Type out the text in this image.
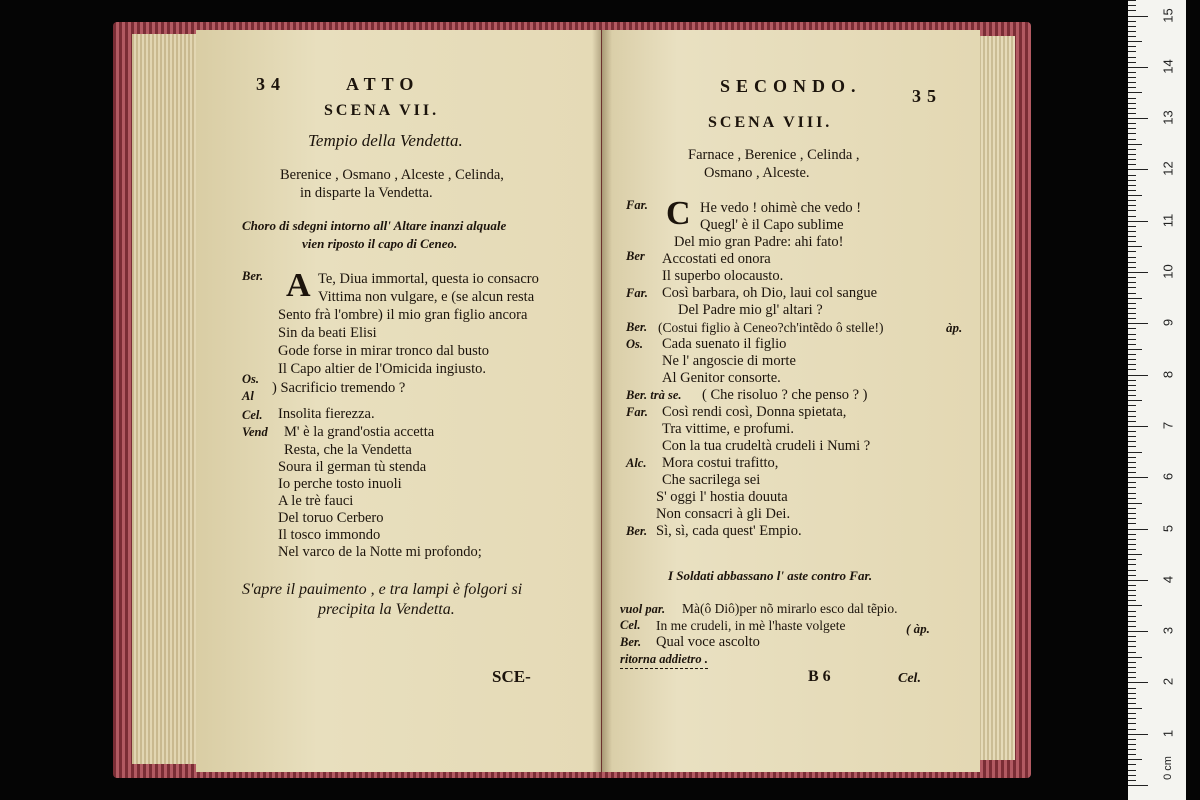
34	ATTO
SCENA VII.
Tempio della Vendetta.
Berenice , Osmano , Alceste , Celinda,
in disparte la Vendetta.
Choro di sdegni intorno all' Altare inanzi alquale
vien riposto il capo di Ceneo.
Ber. A Te, Diua immortal, questa io consacro
Vittima non vulgare, e (se alcun resta
Sento frà l'ombre) il mio gran figlio ancora
Sin da beati Elisi
Gode forse in mirar tronco dal busto
Il Capo altier de l'Omicida ingiusto.
Os.
Al ) Sacrificio tremendo ?
Cel. Insolita fierezza.
Vend M' è la grand'ostia accetta
Resta, che la Vendetta
Soura il german tù stenda
Io perche tosto inuoli
A le trè fauci
Del toruo Cerbero
Il tosco immondo
Nel varco de la Notte mi profondo;
S'apre il pauimento , e tra lampi è folgori si
precipita la Vendetta.
SCE-
SECONDO.	35
SCENA VIII.
Farnace , Berenice , Celinda ,
Osmano , Alceste.
Far. C He vedo ! ohimè che vedo !
Quegl' è il Capo sublime
Del mio gran Padre: ahi fato!
Ber Accostati ed onora
Il superbo olocausto.
Far. Così barbara, oh Dio, laui col sangue
Del Padre mio gl' altari ?
Ber. (Costui figlio à Ceneo?ch'intẽdo ô stelle!)	àp.
Os. Cada suenato il figlio
Ne l' angoscie di morte
Al Genitor consorte.
Ber. trà se. ( Che risoluo ? che penso ? )
Far. Così rendi così, Donna spietata,
Tra vittime, e profumi.
Con la tua crudeltà crudeli i Numi ?
Alc. Mora costui trafitto,
Che sacrilega sei
S' oggi l' hostia douuta
Non consacri à gli Dei.
Ber. Sì, sì, cada quest' Empio.
I Soldati abbassano l' aste contro Far.
vuol par. Mà(ô Diô)per nõ mirarlo esco dal tẽpio.
Cel. In me crudeli, in mè l'haste volgete	( àp.
Ber. Qual voce ascolto
ritorna addietro .
B 6	Cel.
0 cm
1
2
3
4
5
6
7
8
9
10
11
12
13
14
15
